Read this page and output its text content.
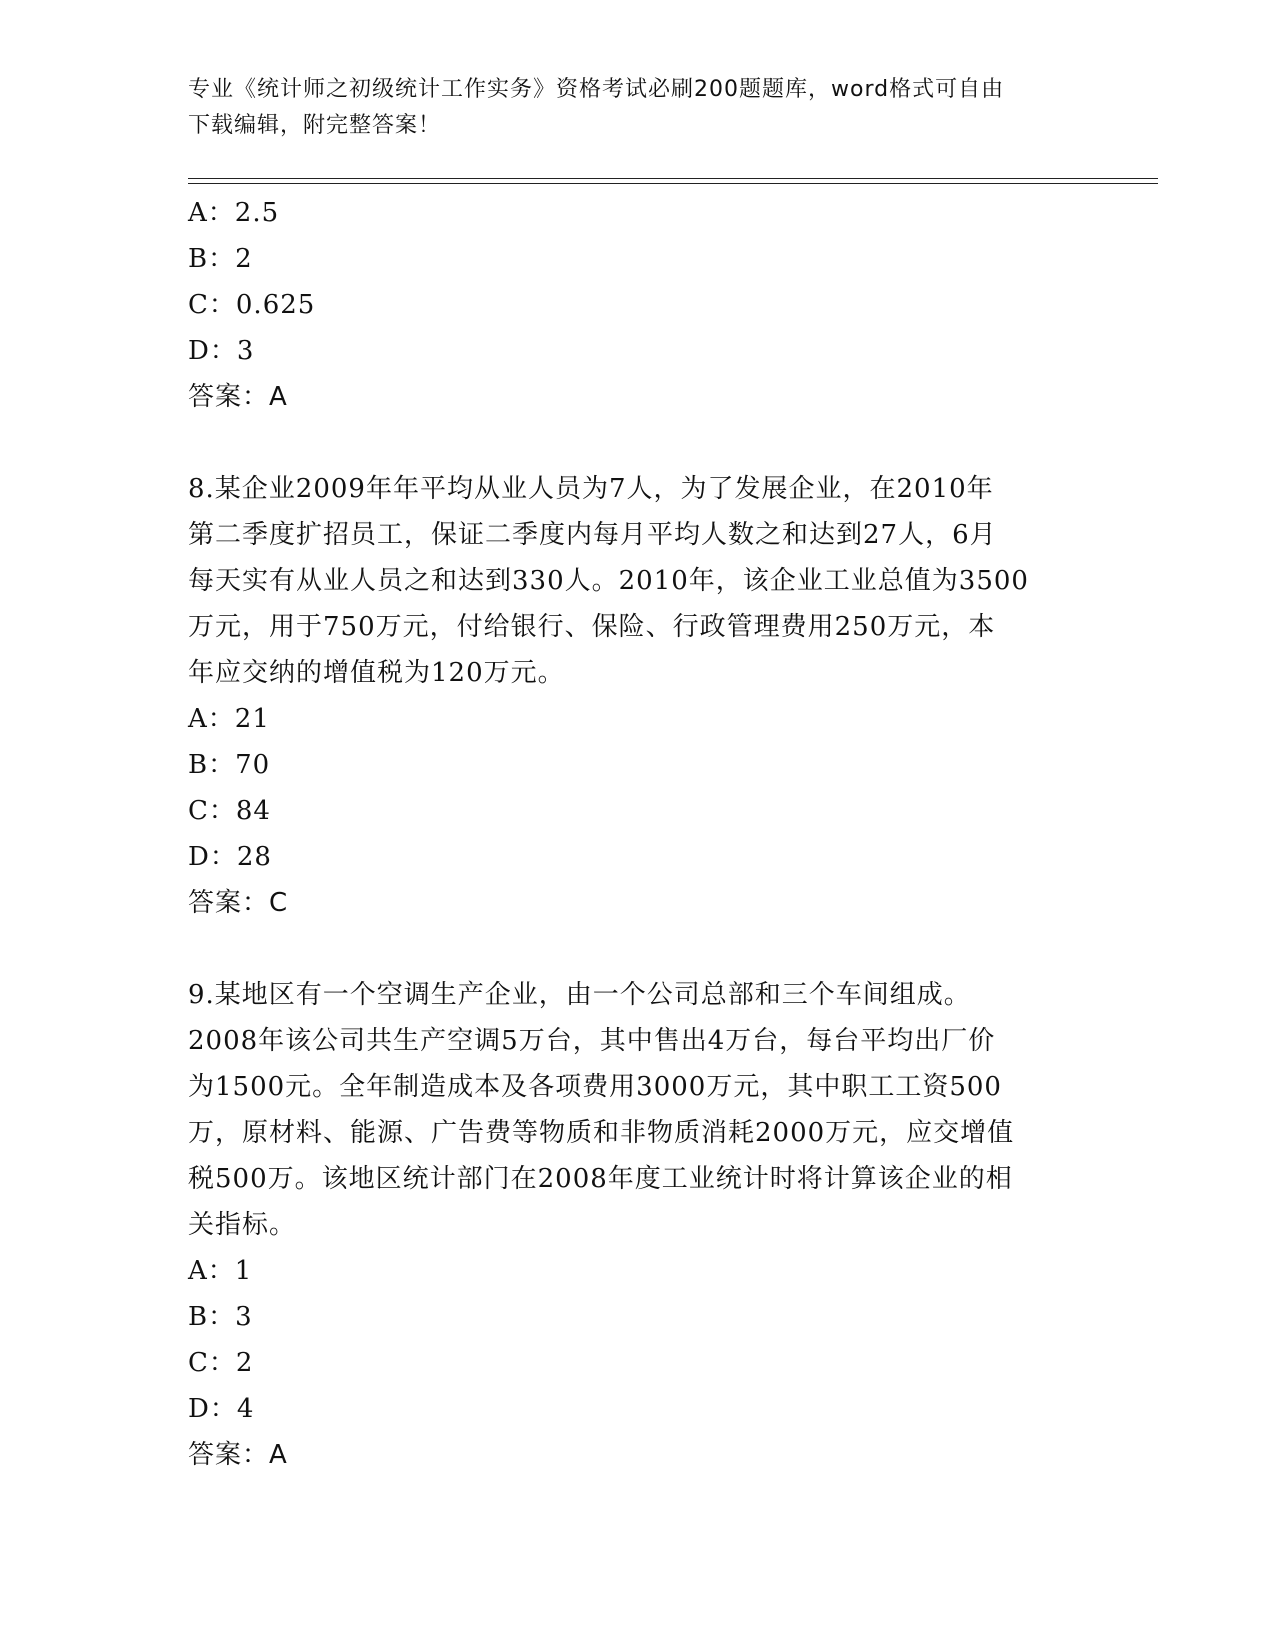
专业《统计师之初级统计工作实务》资格考试必刷200题题库，word格式可自由
下载编辑，附完整答案！
A：2.5
B：2
C：0.625
D：3
答案：A
8.某企业2009年年平均从业人员为7人，为了发展企业，在2010年
第二季度扩招员工，保证二季度内每月平均人数之和达到27人，6月
每天实有从业人员之和达到330人。2010年，该企业工业总值为3500
万元，用于750万元，付给银行、保险、行政管理费用250万元，本
年应交纳的增值税为120万元。
A：21
B：70
C：84
D：28
答案：C
9.某地区有一个空调生产企业，由一个公司总部和三个车间组成。
2008年该公司共生产空调5万台，其中售出4万台，每台平均出厂价
为1500元。全年制造成本及各项费用3000万元，其中职工工资500
万，原材料、能源、广告费等物质和非物质消耗2000万元，应交增值
税500万。该地区统计部门在2008年度工业统计时将计算该企业的相
关指标。
A：1
B：3
C：2
D：4
答案：A
